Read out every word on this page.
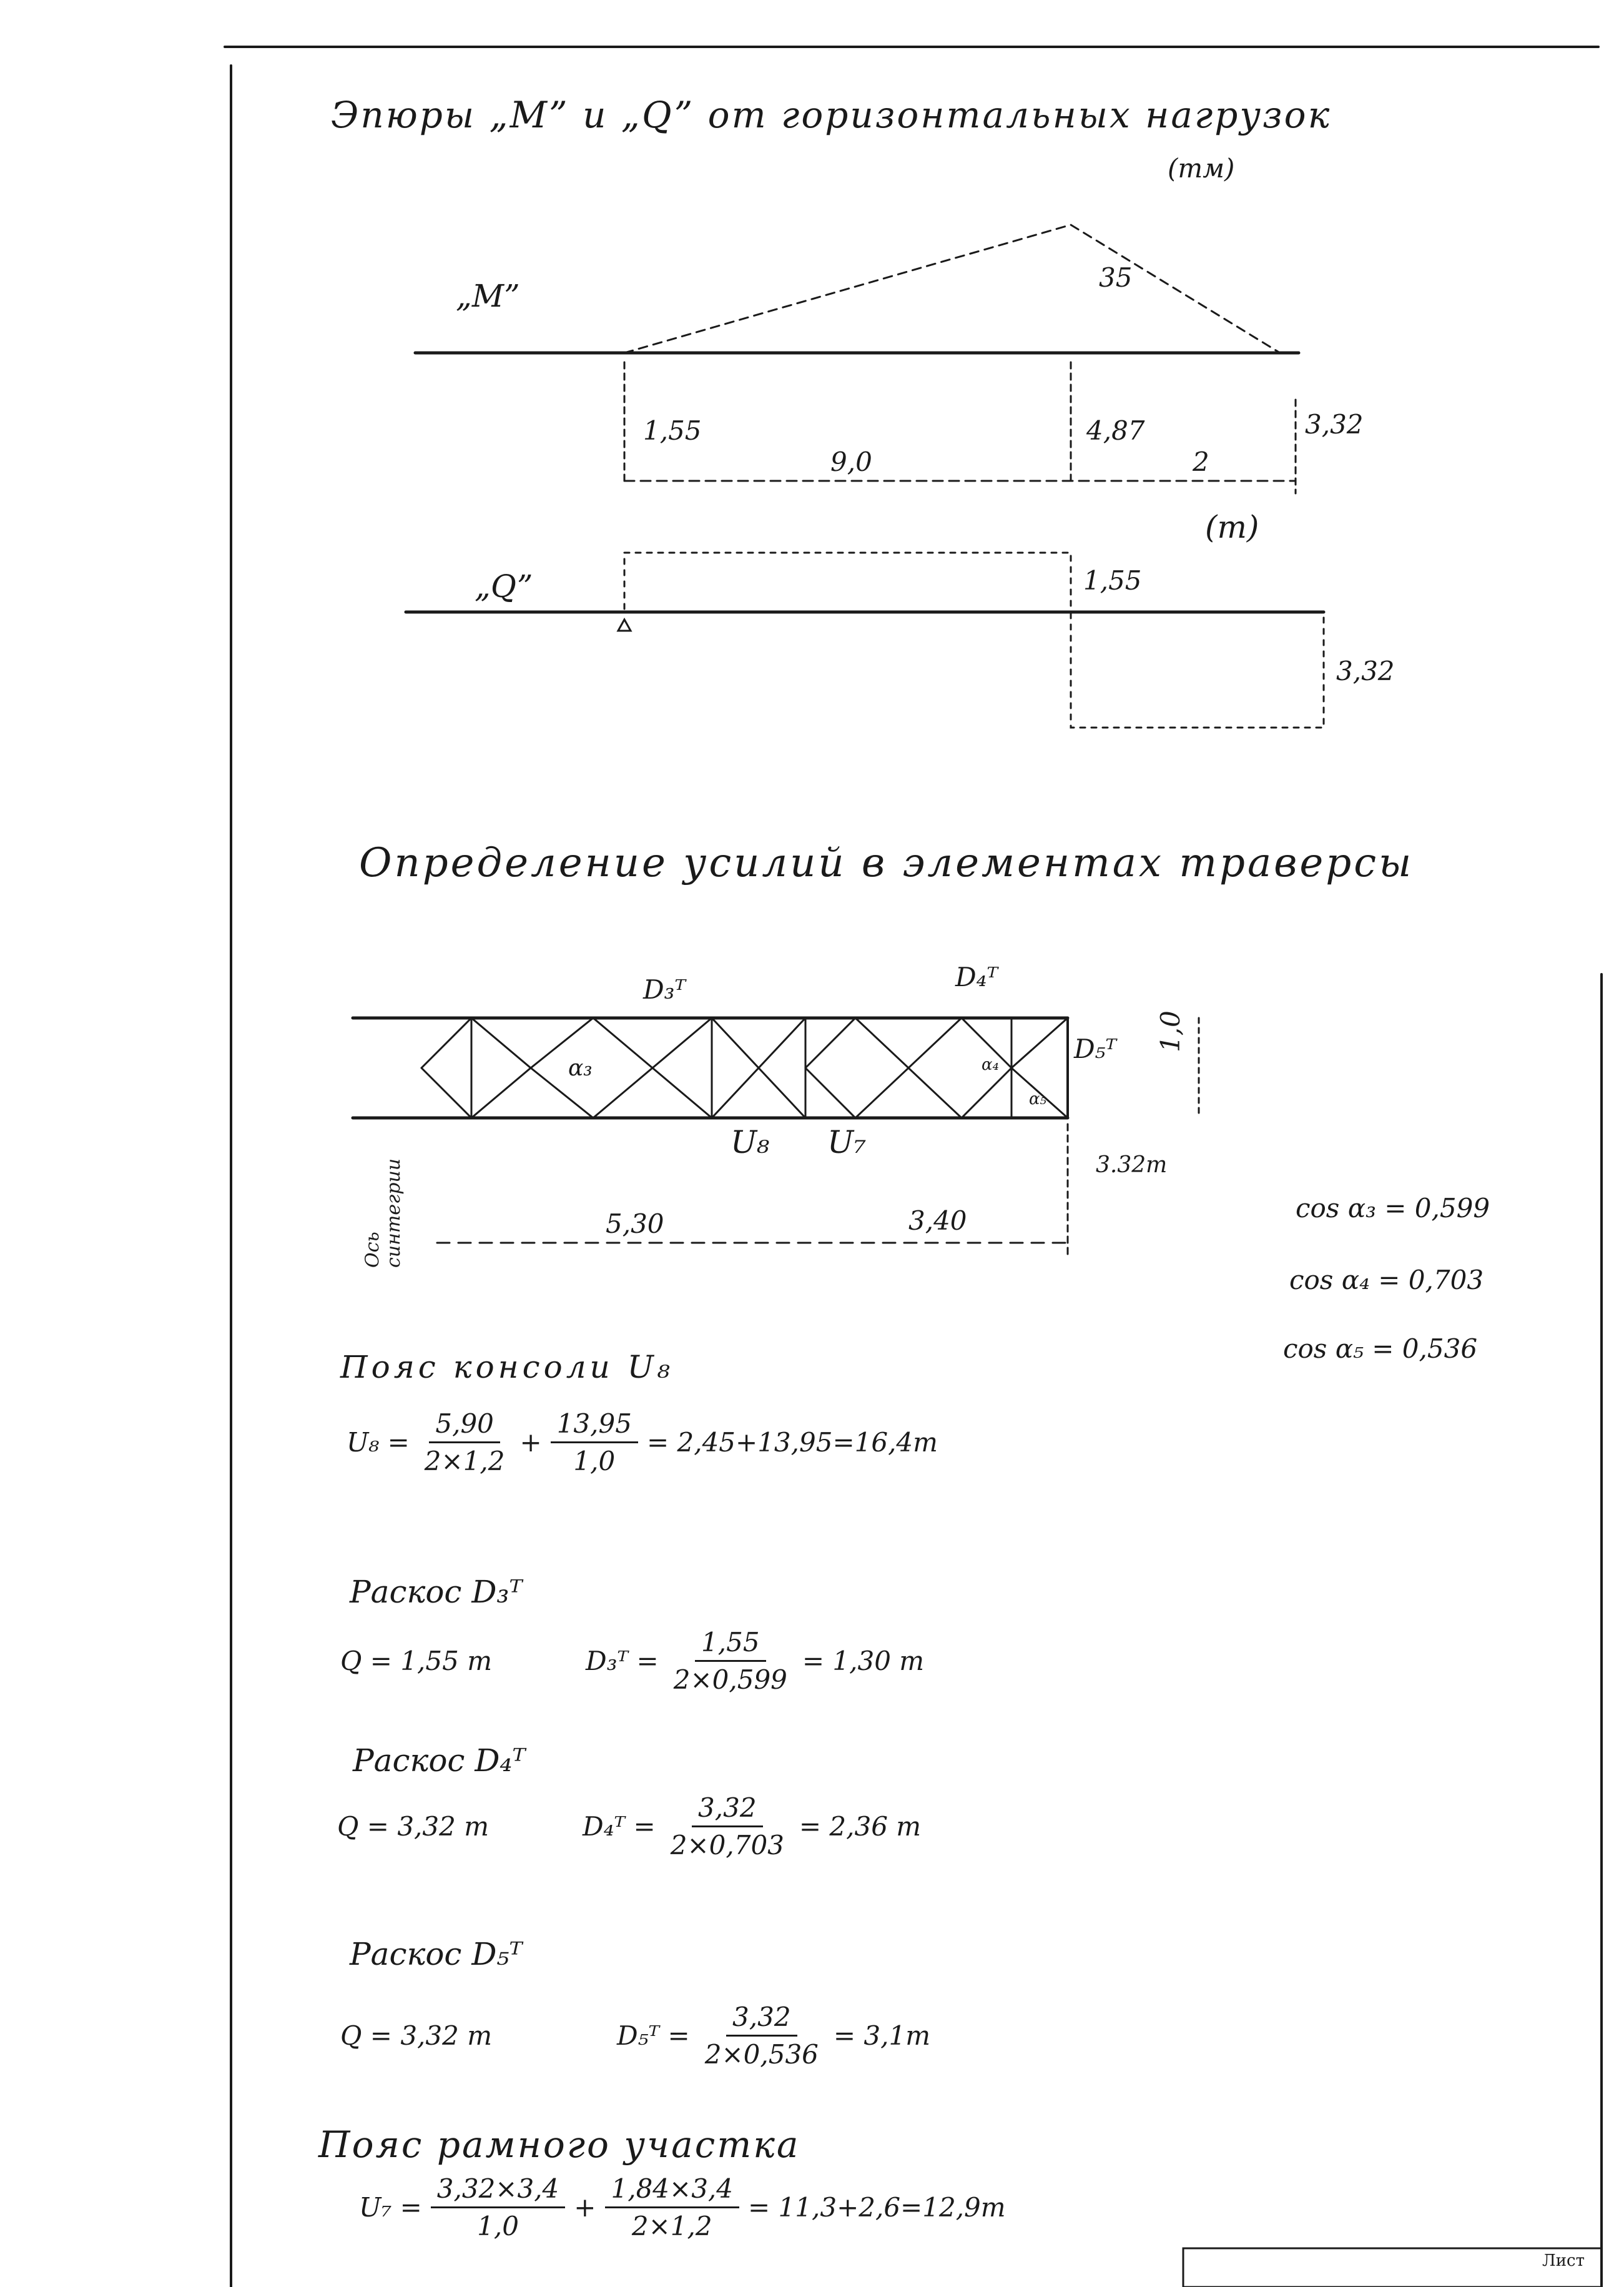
Эпюры „M” и „Q” от горизонтальных нагрузок
(тм)
„M”
35
1,55	4,87	3,32
9,0	2
(т)
„Q”	1,55
3,32
Определение усилий в элементах траверсы
D₃ᵀ	D₄ᵀ
D₅ᵀ
α₃	α₄
α₅
U₈ U₇
1,0
3.32т
Ось
синтегрии	5,30	3,40	cos α₃ = 0,599
cos α₄ = 0,703
cos α₅ = 0,536
Пояс консоли U₈
$U_8 = \frac{5,90}{2\times 1,2} + \frac{13,95}{1,0} = 2,45+13,95=16,4т$
Раскос D₃ᵀ
Q = 1,55 т	D₃ᵀ = $\frac{1,55}{2\times 0,599} = 1,30$ т
Раскос D₄ᵀ
Q = 3,32 т	D₄ᵀ = $\frac{3,32}{2\times 0,703} = 2,36$ т
Раскос D₅ᵀ
Q = 3,32 т	D₅ᵀ = $\frac{3,32}{2\times 0,536} = 3,1т$
Пояс рамного участка
$U_7 = \frac{3,32\times 3,4}{1,0} + \frac{1,84\times 3,4}{2\times 1,2} = 11,3+2,6=12,9т$
Лист
